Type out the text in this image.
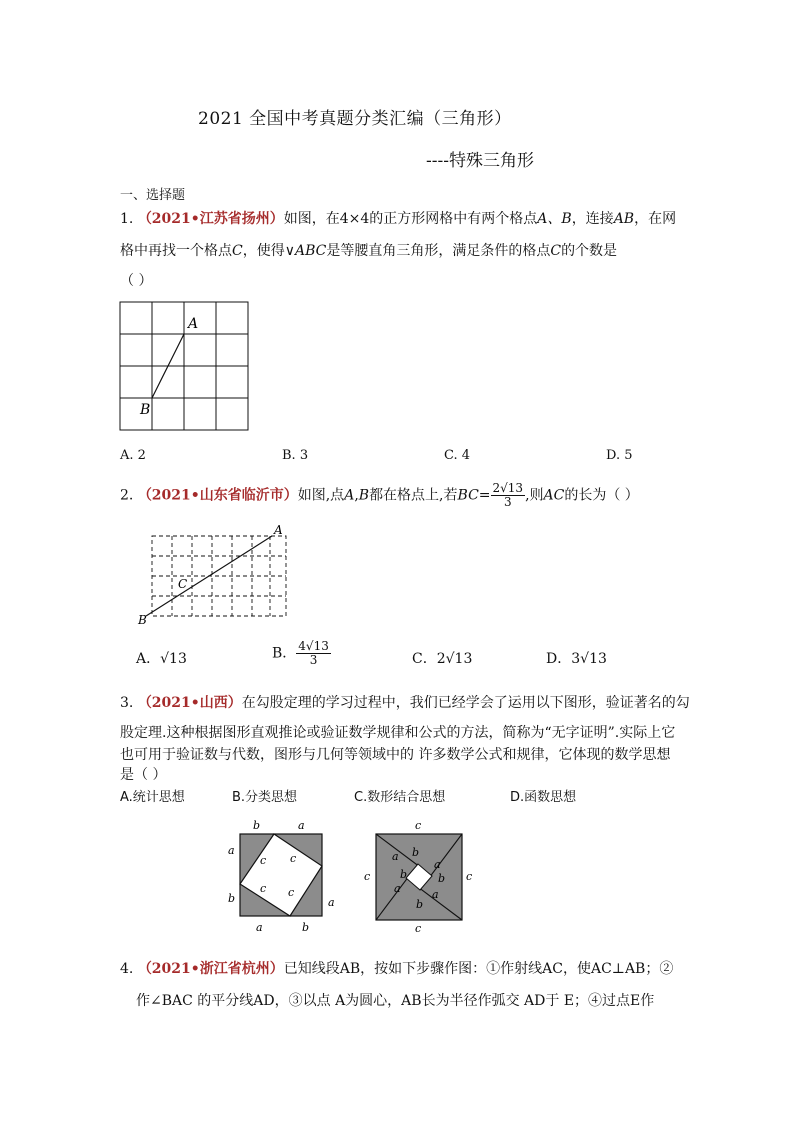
2021 全国中考真题分类汇编（三角形）
----特殊三角形
一、选择题
1. （2021•江苏省扬州）如图，在4×4的正方形网格中有两个格点A、B，连接AB，在网
格中再找一个格点C，使得∨ABC是等腰直角三角形，满足条件的格点C的个数是
（ ）
A
B
A. 2	B. 3	C. 4	D. 5
2. （2021•山东省临沂市）如图,点A,B都在格点上,若$BC= \frac{2√13}{3}$ ,则AC的长为（ ）
A
B
C
A．√13	B． $\frac{4√13}{3}$	C．2√13	D．3√13
3. （2021•山西）在勾股定理的学习过程中，我们已经学会了运用以下图形，验证著名的勾
股定理.这种根据图形直观推论或验证数学规律和公式的方法，简称为“无字证明”.实际上它
也可用于验证数与代数，图形与几何等领域中的 许多数学公式和规律，它体现的数学思想
是（ ）
A.统计思想	B.分类思想	C.数形结合思想	D.函数思想
b	a
a
b
a	b
a
c c
c c
c
c	c
c
a b
a
b
a
b
a
b
4. （2021•浙江省杭州）已知线段AB，按如下步骤作图：①作射线AC，使AC⊥AB；②
作∠BAC 的平分线AD，③以点 A为圆心，AB长为半径作弧交 AD于 E；④过点E作
